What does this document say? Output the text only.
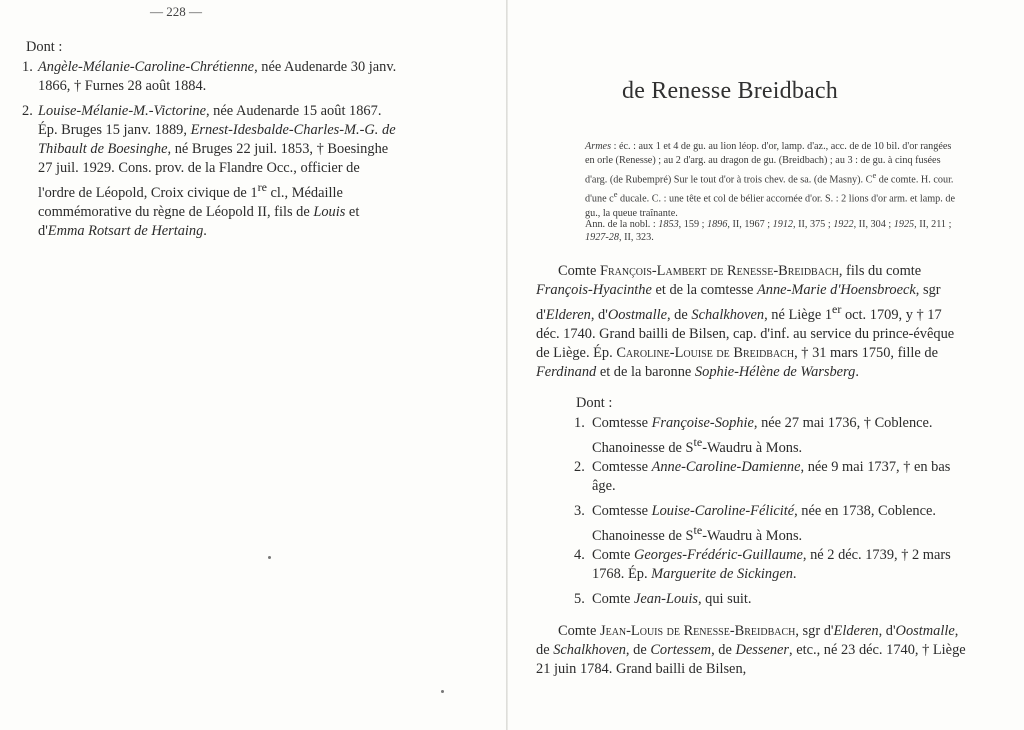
— 228 —
Dont :
1. Angèle-Mélanie-Caroline-Chrétienne, née Audenarde 30 janv. 1866, † Furnes 28 août 1884.
2. Louise-Mélanie-M.-Victorine, née Audenarde 15 août 1867. Ép. Bruges 15 janv. 1889, Ernest-Idesbalde-Charles-M.-G. de Thibault de Boesinghe, né Bruges 22 juil. 1853, † Boesinghe 27 juil. 1929. Cons. prov. de la Flandre Occ., officier de l'ordre de Léopold, Croix civique de 1re cl., Médaille commémorative du règne de Léopold II, fils de Louis et d'Emma Rotsart de Hertaing.
de Renesse Breidbach
Armes : éc. : aux 1 et 4 de gu. au lion léop. d'or, lamp. d'az., acc. de de 10 bil. d'or rangées en orle (Renesse) ; au 2 d'arg. au dragon de gu. (Breidbach) ; au 3 : de gu. à cinq fusées d'arg. (de Rubempré) Sur le tout d'or à trois chev. de sa. (de Masny). Ce de comte. H. cour. d'une $c^e$ ducale. C. : une tête et col de bélier accornée d'or. S. : 2 lions d'or arm. et lamp. de gu., la queue traînante.
Ann. de la nobl. : 1853, 159 ; 1896, II, 1967 ; 1912, II, 375 ; 1922, II, 304 ; 1925, II, 211 ; 1927-28, II, 323.
Comte François-Lambert de Renesse-Breidbach, fils du comte François-Hyacinthe et de la comtesse Anne-Marie d'Hoensbroeck, sgr d'Elderen, d'Oostmalle, de Schalkhoven, né Liège 1er oct. 1709, y † 17 déc. 1740. Grand bailli de Bilsen, cap. d'inf. au service du prince-évêque de Liège. Ép. Caroline-Louise de Breidbach, † 31 mars 1750, fille de Ferdinand et de la baronne Sophie-Hélène de Warsberg.
Dont :
1. Comtesse Françoise-Sophie, née 27 mai 1736, † Coblence. Chanoinesse de $S^{te}$-Waudru à Mons.
2. Comtesse Anne-Caroline-Damienne, née 9 mai 1737, † en bas âge.
3. Comtesse Louise-Caroline-Félicité, née en 1738, Coblence. Chanoinesse de $S^{te}$-Waudru à Mons.
4. Comte Georges-Frédéric-Guillaume, né 2 déc. 1739, † 2 mars 1768. Ép. Marguerite de Sickingen.
5. Comte Jean-Louis, qui suit.
Comte Jean-Louis de Renesse-Breidbach, sgr d'Elderen, d'Oostmalle, de Schalkhoven, de Cortessem, de Dessener, etc., né 23 déc. 1740, † Liège 21 juin 1784. Grand bailli de Bilsen,
